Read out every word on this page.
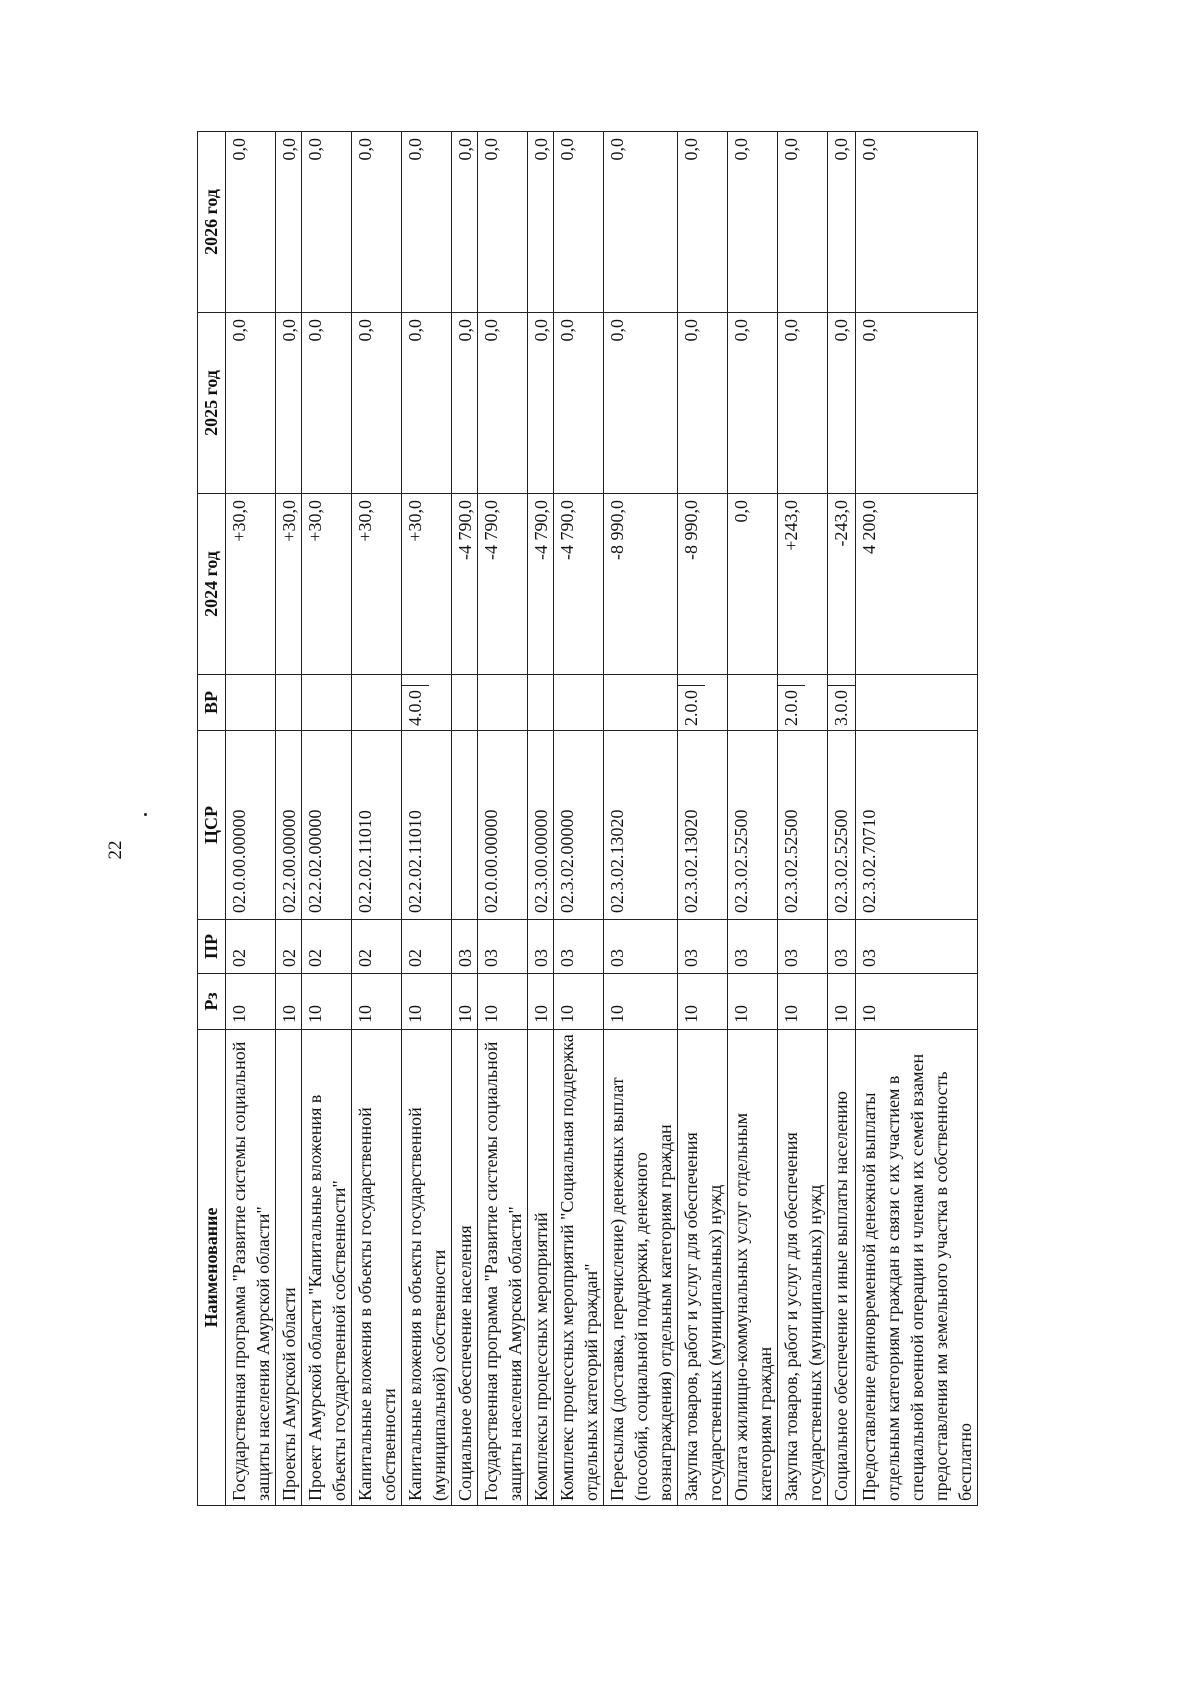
22
Наименование	Рз	ПР	ЦСР	ВР	2024 год	2025 год	2026 год
Государственная программа "Развитие системы социальной защиты населения Амурской области"	10	02	02.0.00.00000		+30,0	0,0	0,0
Проекты Амурской области	10	02	02.2.00.00000		+30,0	0,0	0,0
Проект Амурской области "Капитальные вложения в объекты государственной собственности"	10	02	02.2.02.00000		+30,0	0,0	0,0
Капитальные вложения в объекты государственной собственности	10	02	02.2.02.11010		+30,0	0,0	0,0
Капитальные вложения в объекты государственной (муниципальной) собственности	10	02	02.2.02.11010	4.0.0	+30,0	0,0	0,0
Социальное обеспечение населения	10	03			-4 790,0	0,0	0,0
Государственная программа "Развитие системы социальной защиты населения Амурской области"	10	03	02.0.00.00000		-4 790,0	0,0	0,0
Комплексы процессных мероприятий	10	03	02.3.00.00000		-4 790,0	0,0	0,0
Комплекс процессных мероприятий "Социальная поддержка отдельных категорий граждан"	10	03	02.3.02.00000		-4 790,0	0,0	0,0
Пересылка (доставка, перечисление) денежных выплат (пособий, социальной поддержки, денежного вознаграждения) отдельным категориям граждан	10	03	02.3.02.13020		-8 990,0	0,0	0,0
Закупка товаров, работ и услуг для обеспечения государственных (муниципальных) нужд	10	03	02.3.02.13020	2.0.0	-8 990,0	0,0	0,0
Оплата жилищно-коммунальных услуг отдельным категориям граждан	10	03	02.3.02.52500		0,0	0,0	0,0
Закупка товаров, работ и услуг для обеспечения государственных (муниципальных) нужд	10	03	02.3.02.52500	2.0.0	+243,0	0,0	0,0
Социальное обеспечение и иные выплаты населению	10	03	02.3.02.52500	3.0.0	-243,0	0,0	0,0
Предоставление единовременной денежной выплаты отдельным категориям граждан в связи с их участием в специальной военной операции и членам их семей взамен предоставления им земельного участка в собственность бесплатно	10	03	02.3.02.70710		4 200,0	0,0	0,0
